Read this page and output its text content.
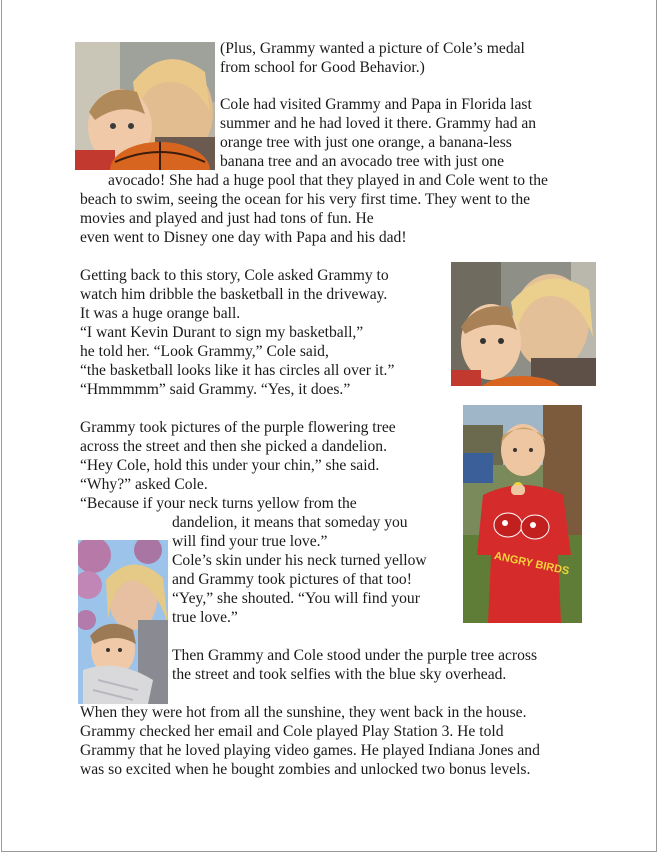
ANGRY BIRDS
(Plus, Grammy wanted a picture of Cole’s medal
from school for Good Behavior.)
Cole had visited Grammy and Papa in Florida last
summer and he had loved it there. Grammy had an
orange tree with just one orange, a banana-less
banana tree and an avocado tree with just one
avocado! She had a huge pool that they played in and Cole went to the
beach to swim, seeing the ocean for his very first time. They went to the
movies and played and just had tons of fun. He
even went to Disney one day with Papa and his dad!
Getting back to this story, Cole asked Grammy to
watch him dribble the basketball in the driveway.
It was a huge orange ball.
“I want Kevin Durant to sign my basketball,”
he told her. “Look Grammy,” Cole said,
“the basketball looks like it has circles all over it.”
“Hmmmmm” said Grammy. “Yes, it does.”
Grammy took pictures of the purple flowering tree
across the street and then she picked a dandelion.
“Hey Cole, hold this under your chin,” she said.
“Why?” asked Cole.
“Because if your neck turns yellow from the
dandelion, it means that someday you
will find your true love.”
Cole’s skin under his neck turned yellow
and Grammy took pictures of that too!
“Yey,” she shouted. “You will find your
true love.”
Then Grammy and Cole stood under the purple tree across
the street and took selfies with the blue sky overhead.
When they were hot from all the sunshine, they went back in the house.
Grammy checked her email and Cole played Play Station 3. He told
Grammy that he loved playing video games. He played Indiana Jones and
was so excited when he bought zombies and unlocked two bonus levels.
